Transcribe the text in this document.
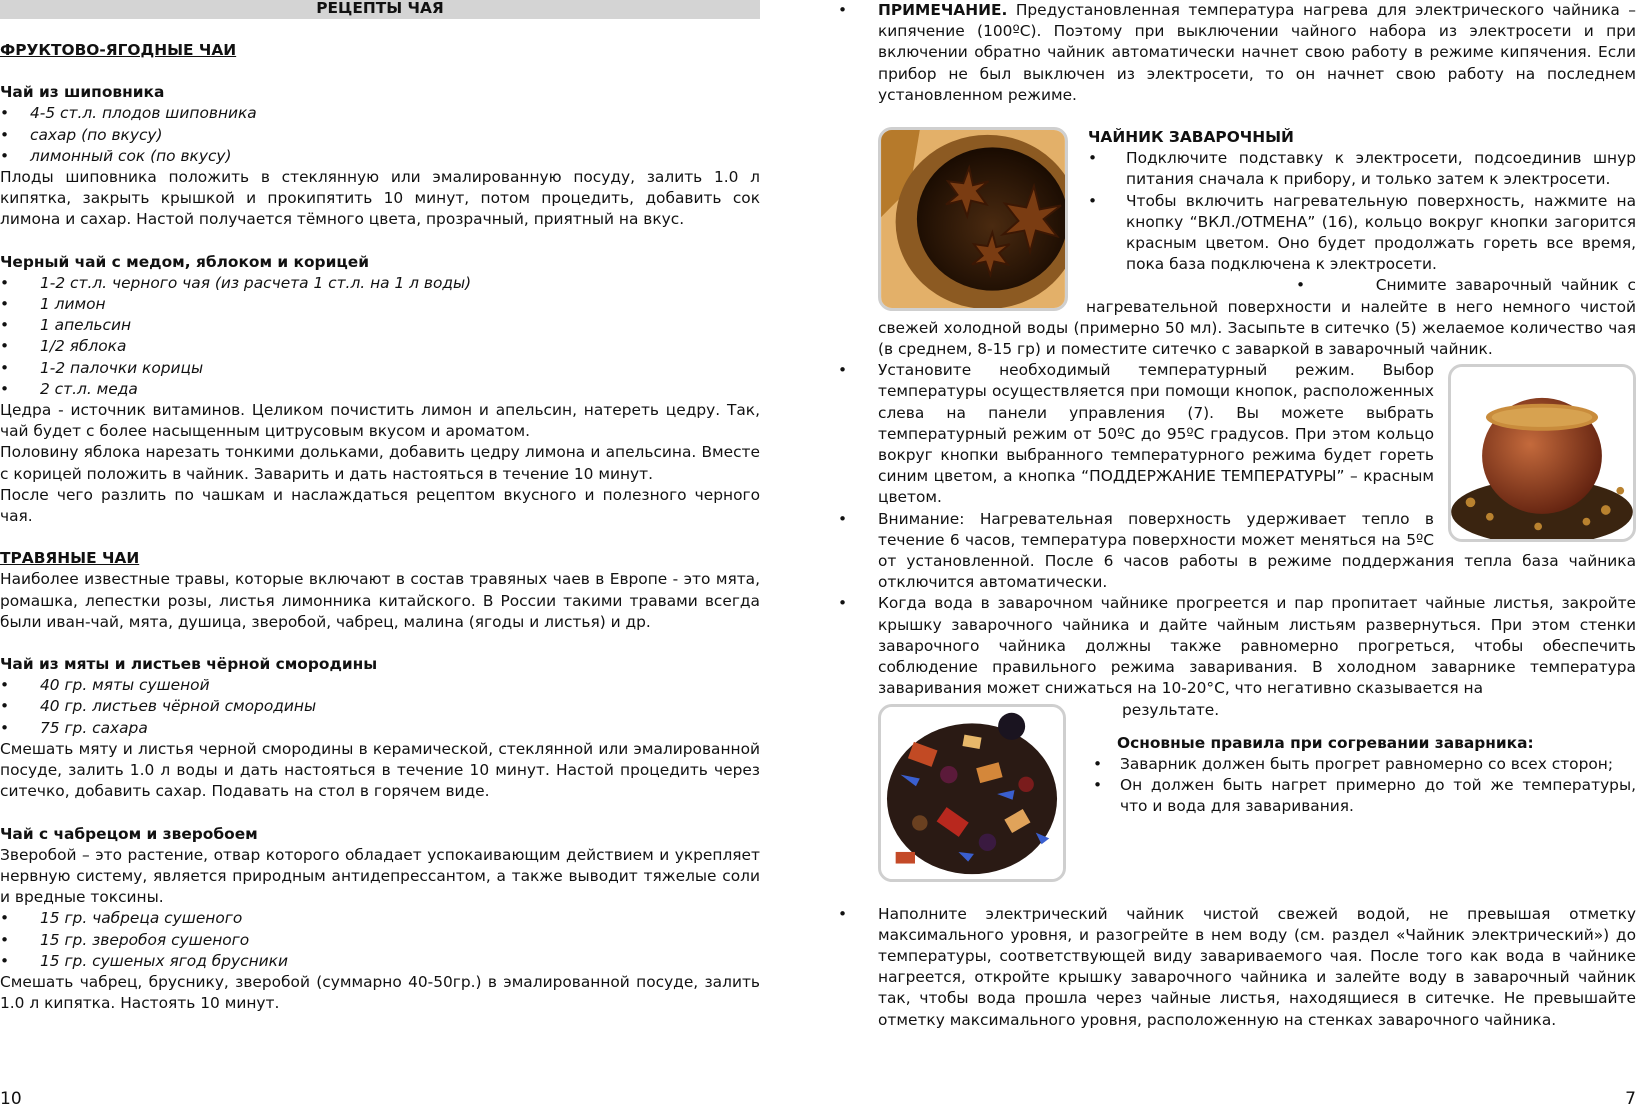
РЕЦЕПТЫ ЧАЯ

ФРУКТОВО-ЯГОДНЫЕ ЧАИ

Чай из шиповника

• 4-5 ст.л. плодов шиповника
• сахар (по вкусу)
• лимонный сок (по вкусу)

Плоды шиповника положить в стеклянную или эмалированную посуду, залить 1.0 л кипятка, закрыть крышкой и прокипятить 10 минут, потом процедить, добавить сок лимона и сахар. Настой получается тёмного цвета, прозрачный, приятный на вкус.

Черный чай с медом, яблоком и корицей

• 1-2 ст.л. черного чая (из расчета 1 ст.л. на 1 л воды)
• 1 лимон
• 1 апельсин
• 1/2 яблока
• 1-2 палочки корицы
• 2 ст.л. меда

Цедра - источник витаминов. Целиком почистить лимон и апельсин, натереть цедру. Так, чай будет с более насыщенным цитрусовым вкусом и ароматом.

Половину яблока нарезать тонкими дольками, добавить цедру лимона и апельсина. Вместе с корицей положить в чайник. Заварить и дать настояться в течение 10 минут.

После чего разлить по чашкам и наслаждаться рецептом вкусного и полезного черного чая.

ТРАВЯНЫЕ ЧАИ

Наиболее известные травы, которые включают в состав травяных чаев в Европе - это мята, ромашка, лепестки розы, листья лимонника китайского. В России такими травами всегда были иван-чай, мята, душица, зверобой, чабрец, малина (ягоды и листья) и др.

Чай из мяты и листьев чёрной смородины

• 40 гр. мяты сушеной
• 40 гр. листьев чёрной смородины
• 75 гр. сахара

Смешать мяту и листья черной смородины в керамической, стеклянной или эмалированной посуде, залить 1.0 л воды и дать настояться в течение 10 минут. Настой процедить через ситечко, добавить сахар. Подавать на стол в горячем виде.

Чай с чабрецом и зверобоем

Зверобой – это растение, отвар которого обладает успокаивающим действием и укрепляет нервную систему, является природным антидепрессантом, а также выводит тяжелые соли и вредные токсины.

• 15 гр. чабреца сушеного
• 15 гр. зверобоя сушеного
• 15 гр. сушеных ягод брусники

Смешать чабрец, бруснику, зверобой (суммарно 40-50гр.) в эмалированной посуде, залить 1.0 л кипятка. Настоять 10 минут.

10

• ПРИМЕЧАНИЕ. Предустановленная температура нагрева для электрического чайника – кипячение (100ºС). Поэтому при выключении чайного набора из электросети и при включении обратно чайник автоматически начнет свою работу в режиме кипячения. Если прибор не был выключен из электросети, то он начнет свою работу на последнем установленном режиме.

ЧАЙНИК ЗАВАРОЧНЫЙ

• Подключите подставку к электросети, подсоединив шнур питания сначала к прибору, и только затем к электросети.

• Чтобы включить нагревательную поверхность, нажмите на кнопку “ВКЛ./ОТМЕНА” (16), кольцо вокруг кнопки загорится красным цветом. Оно будет продолжать гореть все время, пока база подключена к электросети.

•        Снимите заварочный чайник с нагревательной поверхности и налейте в него немного чистой свежей холодной воды (примерно 50 мл). Засыпьте в ситечко (5) желаемое количество чая (в среднем, 8-15 гр) и поместите ситечко с заваркой в заварочный чайник.

• Установите необходимый температурный режим. Выбор температуры осуществляется при помощи кнопок, расположенных слева на панели управления (7). Вы можете выбрать температурный режим от 50ºС до 95ºС градусов. При этом кольцо вокруг кнопки выбранного температурного режима будет гореть синим цветом, а кнопка “ПОДДЕРЖАНИЕ ТЕМПЕРАТУРЫ” – красным цветом.

• Внимание: Нагревательная поверхность удерживает тепло в течение 6 часов, температура поверхности может меняться на 5ºС от установленной. После 6 часов работы в режиме поддержания тепла база чайника отключится автоматически.

• Когда вода в заварочном чайнике прогреется и пар пропитает чайные листья, закройте крышку заварочного чайника и дайте чайным листьям развернуться. При этом стенки заварочного чайника должны также равномерно прогреться, чтобы обеспечить соблюдение правильного режима заваривания. В холодном заварнике температура заваривания может снижаться на 10-20°С, что негативно сказывается на

результате.

Основные правила при согревании заварника:

• Заварник должен быть прогрет равномерно со всех сторон;

• Он должен быть нагрет примерно до той же температуры, что и вода для заваривания.

• Наполните электрический чайник чистой свежей водой, не превышая отметку максимального уровня, и разогрейте в нем воду (см. раздел «Чайник электрический») до температуры, соответствующей виду завариваемого чая. После того как вода в чайнике нагреется, откройте крышку заварочного чайника и залейте воду в заварочный чайник так, чтобы вода прошла через чайные листья, находящиеся в ситечке. Не превышайте отметку максимального уровня, расположенную на стенках заварочного чайника.

7
